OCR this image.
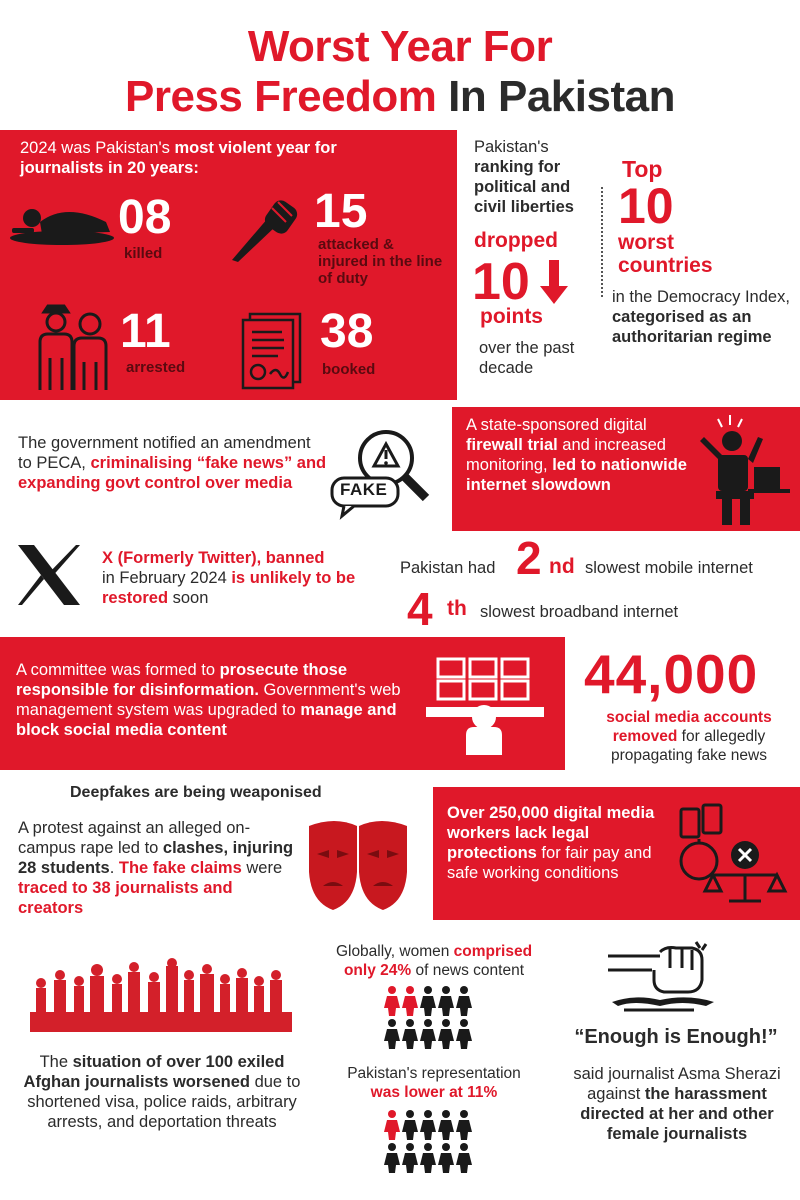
Worst Year For
Press Freedom In Pakistan
2024 was Pakistan's most violent year for journalists in 20 years:
08
killed
15
attacked & injured in the line of duty
11
arrested
38
booked
Pakistan's
ranking for political and civil liberties
dropped
10
points
over the past decade
Top
10
worst countries
in the Democracy Index, categorised as an authoritarian regime
The government notified an amendment to PECA, criminalising “fake news” and expanding govt control over media	FAKE
A state-sponsored digital firewall trial and increased monitoring, led to nationwide internet slowdown
X (Formerly Twitter), banned
in February 2024 is unlikely to be restored soon
Pakistan had 2 nd slowest mobile internet
4 th slowest broadband internet
A committee was formed to prosecute those responsible for disinformation. Government's web management system was upgraded to manage and block social media content
44,000
social media accounts removed for allegedly propagating fake news
Deepfakes are being weaponised
A protest against an alleged on-campus rape led to clashes, injuring 28 students. The fake claims were traced to 38 journalists and creators
Over 250,000 digital media workers lack legal protections for fair pay and safe working conditions
The situation of over 100 exiled Afghan journalists worsened due to shortened visa, police raids, arbitrary arrests, and deportation threats
Globally, women comprised only 24% of news content
Pakistan's representation
was lower at 11%
“Enough is Enough!”
said journalist Asma Sherazi against the harassment directed at her and other female journalists
